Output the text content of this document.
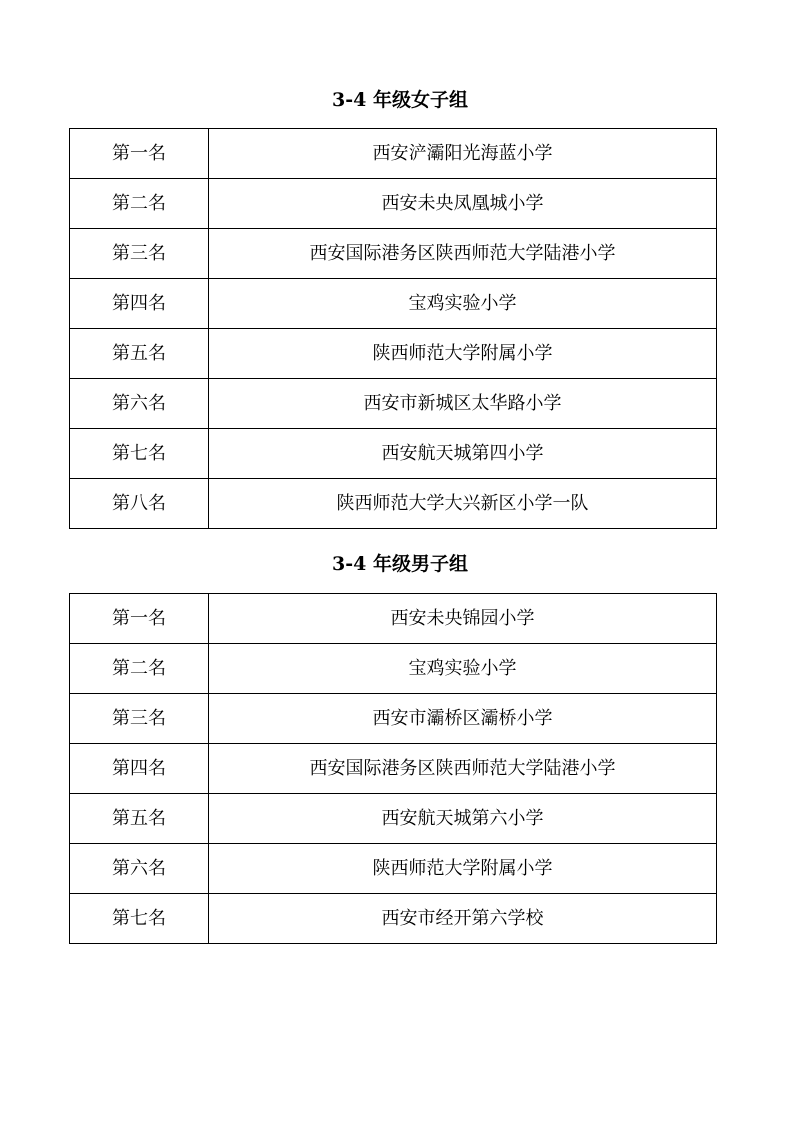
3-4 年级女子组
第一名	西安浐灞阳光海蓝小学
第二名	西安未央凤凰城小学
第三名	西安国际港务区陕西师范大学陆港小学
第四名	宝鸡实验小学
第五名	陕西师范大学附属小学
第六名	西安市新城区太华路小学
第七名	西安航天城第四小学
第八名	陕西师范大学大兴新区小学一队
3-4 年级男子组
第一名	西安未央锦园小学
第二名	宝鸡实验小学
第三名	西安市灞桥区灞桥小学
第四名	西安国际港务区陕西师范大学陆港小学
第五名	西安航天城第六小学
第六名	陕西师范大学附属小学
第七名	西安市经开第六学校
